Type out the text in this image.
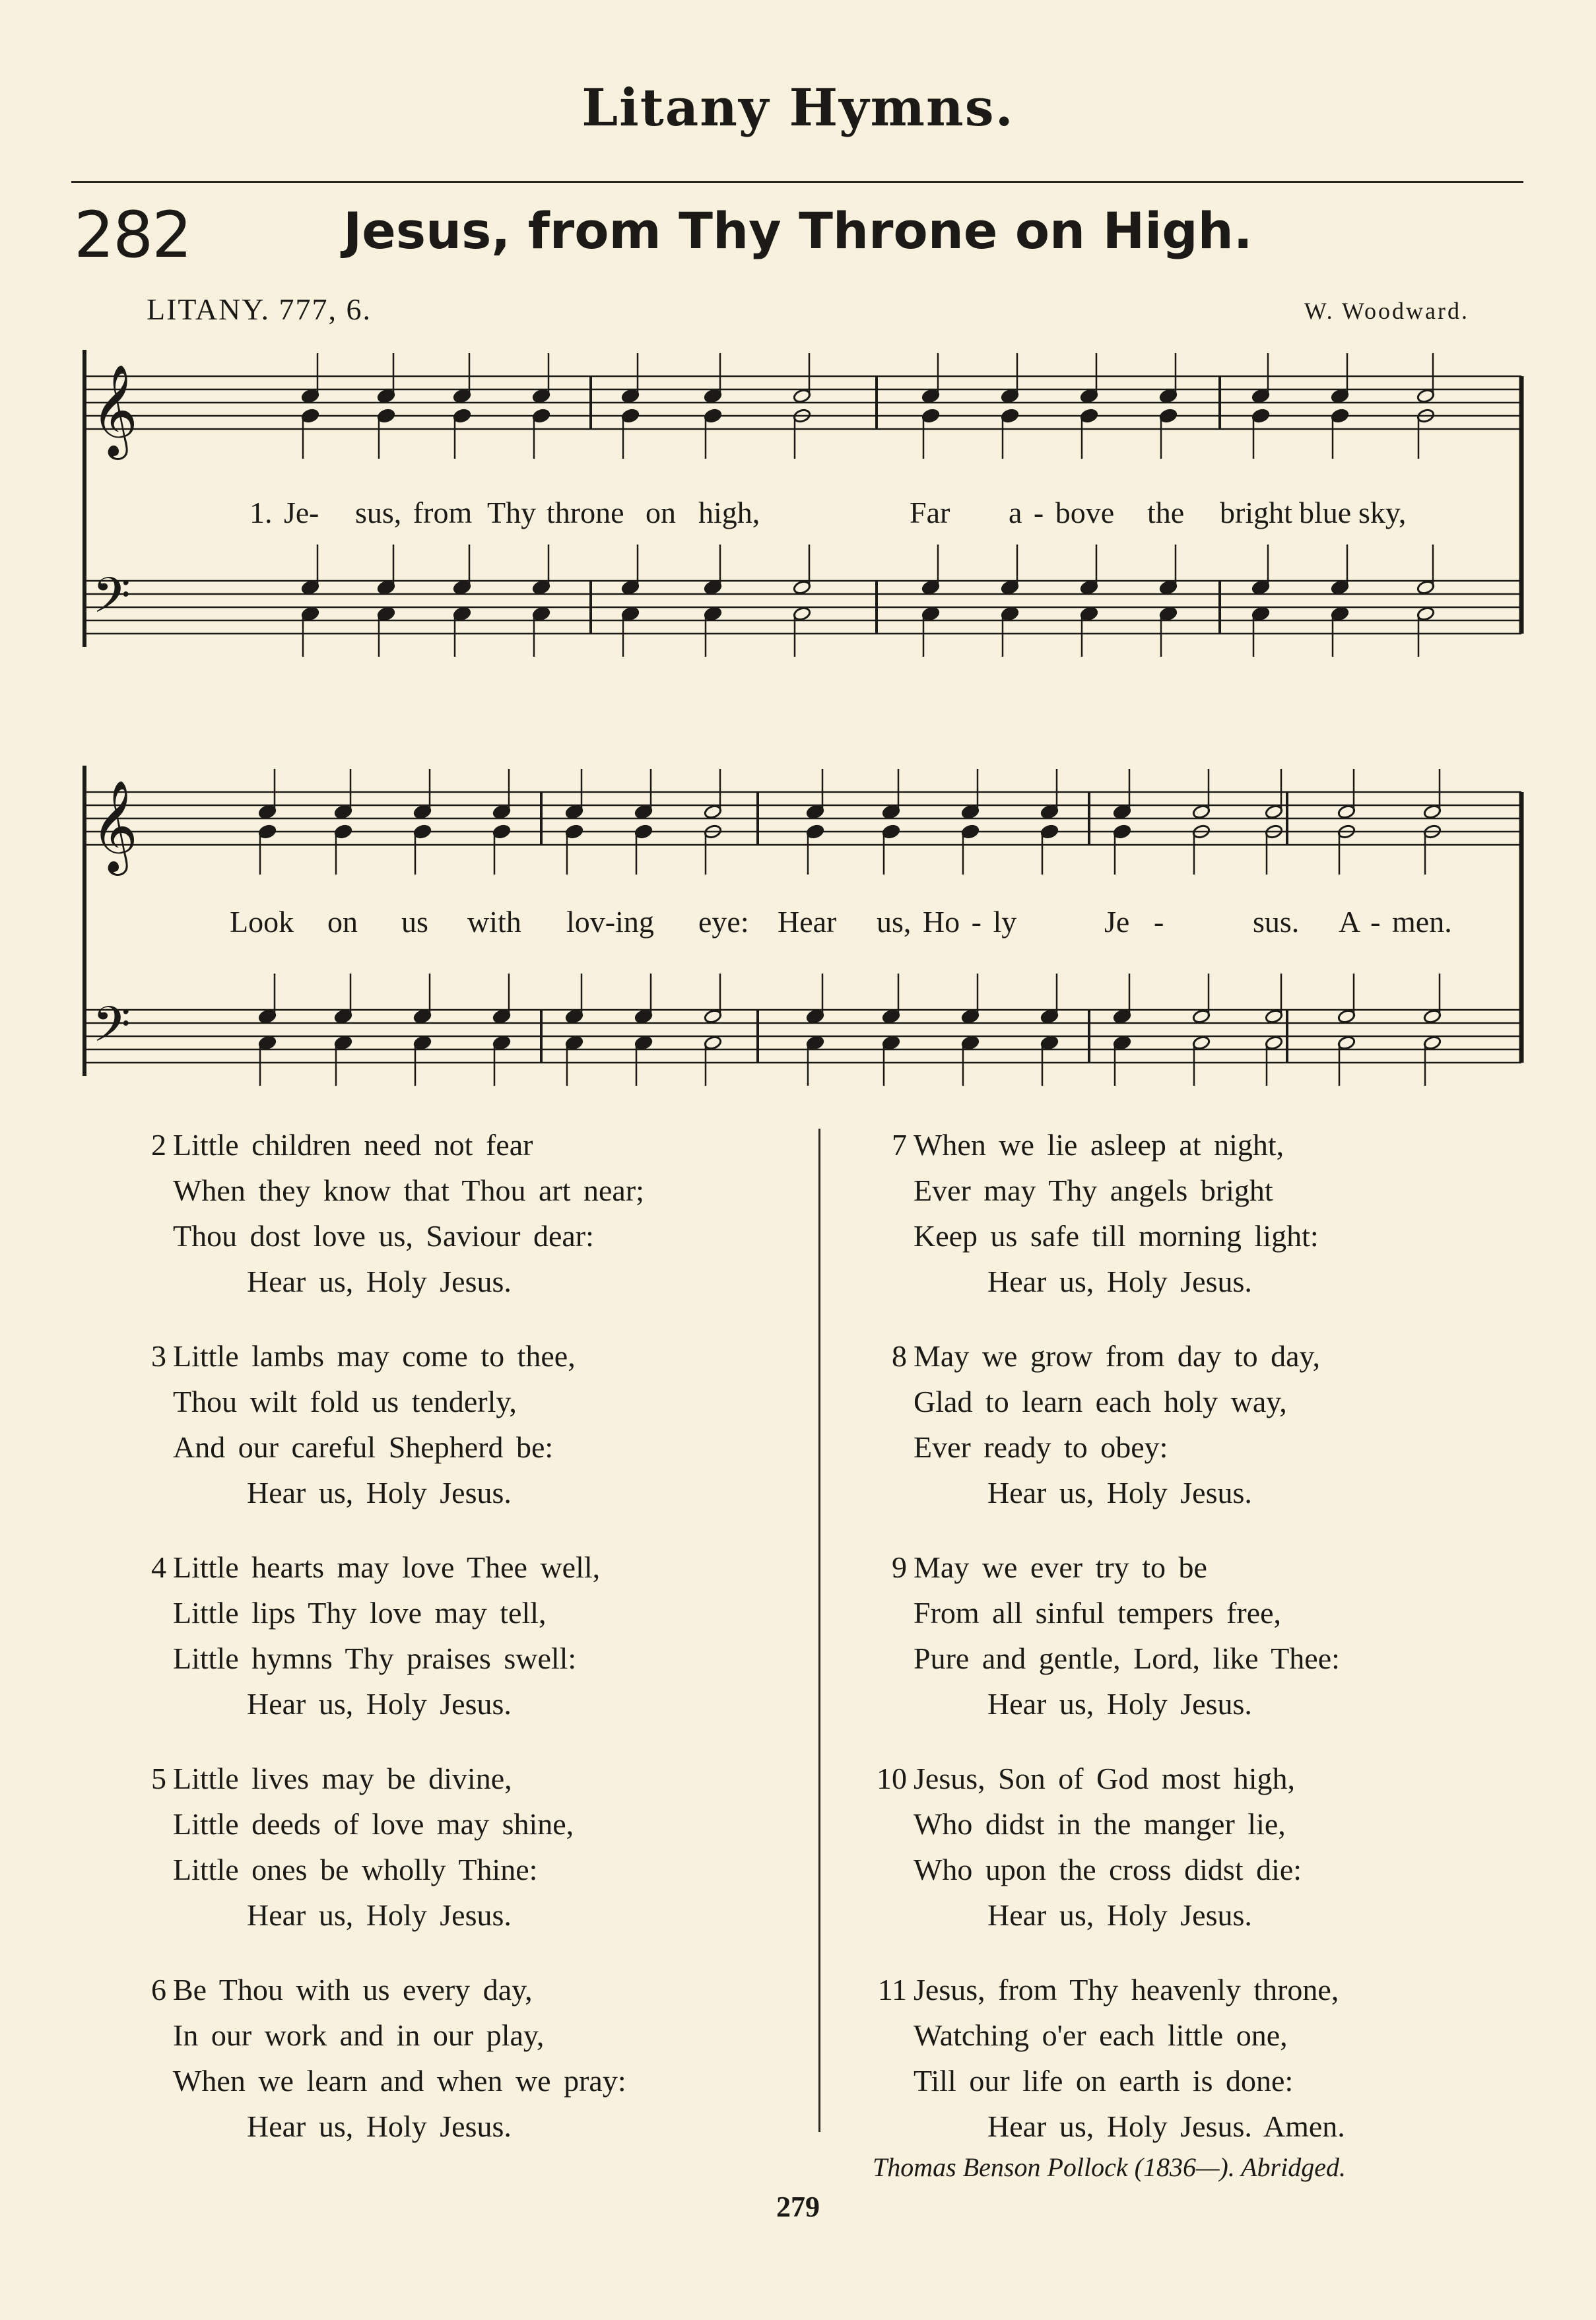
Litany Hymns.
282	Jesus, from Thy Throne on High.
LITANY. 777, 6.	W. Woodward.
𝄞
𝄢
𝄞
𝄢
1. Je - sus, from Thy throne on high,	Far a - bove the bright blue sky,
Look on us with lov-ing eye: Hear us, Ho - ly	Je -	sus. A - men.
2 Little children need not fear
When they know that Thou art near;
Thou dost love us, Saviour dear:
Hear us, Holy Jesus.
3 Little lambs may come to thee,
Thou wilt fold us tenderly,
And our careful Shepherd be:
Hear us, Holy Jesus.
4 Little hearts may love Thee well,
Little lips Thy love may tell,
Little hymns Thy praises swell:
Hear us, Holy Jesus.
5 Little lives may be divine,
Little deeds of love may shine,
Little ones be wholly Thine:
Hear us, Holy Jesus.
6 Be Thou with us every day,
In our work and in our play,
When we learn and when we pray:
Hear us, Holy Jesus.
7 When we lie asleep at night,
Ever may Thy angels bright
Keep us safe till morning light:
Hear us, Holy Jesus.
8 May we grow from day to day,
Glad to learn each holy way,
Ever ready to obey:
Hear us, Holy Jesus.
9 May we ever try to be
From all sinful tempers free,
Pure and gentle, Lord, like Thee:
Hear us, Holy Jesus.
10 Jesus, Son of God most high,
Who didst in the manger lie,
Who upon the cross didst die:
Hear us, Holy Jesus.
11 Jesus, from Thy heavenly throne,
Watching o'er each little one,
Till our life on earth is done:
Hear us, Holy Jesus. Amen.
Thomas Benson Pollock (1836—). Abridged.
279
